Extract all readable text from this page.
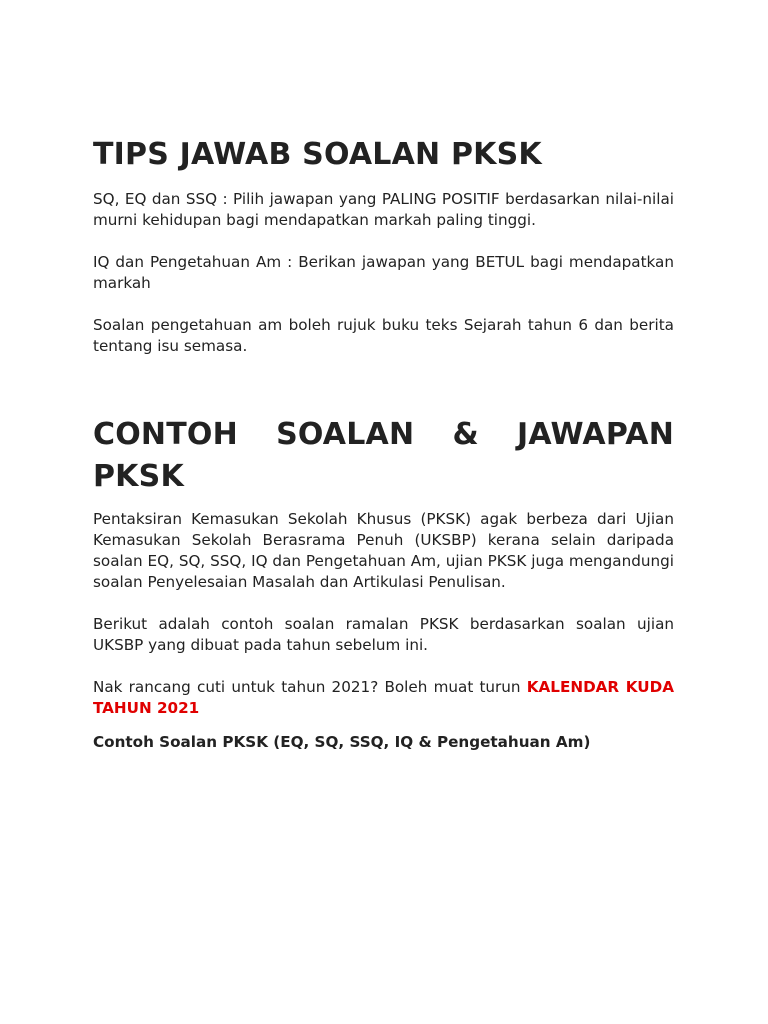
TIPS JAWAB SOALAN PKSK

SQ, EQ dan SSQ : Pilih jawapan yang PALING POSITIF berdasarkan nilai-nilai murni kehidupan bagi mendapatkan markah paling tinggi.

IQ dan Pengetahuan Am : Berikan jawapan yang BETUL bagi mendapatkan markah

Soalan pengetahuan am boleh rujuk buku teks Sejarah tahun 6 dan berita tentang isu semasa.

CONTOH SOALAN & JAWAPAN
PKSK

Pentaksiran Kemasukan Sekolah Khusus (PKSK) agak berbeza dari Ujian Kemasukan Sekolah Berasrama Penuh (UKSBP) kerana selain daripada soalan EQ, SQ, SSQ, IQ dan Pengetahuan Am, ujian PKSK juga mengandungi soalan Penyelesaian Masalah dan Artikulasi Penulisan.

Berikut adalah contoh soalan ramalan PKSK berdasarkan soalan ujian UKSBP yang dibuat pada tahun sebelum ini.

Nak rancang cuti untuk tahun 2021? Boleh muat turun KALENDAR KUDA TAHUN 2021

Contoh Soalan PKSK (EQ, SQ, SSQ, IQ & Pengetahuan Am)
